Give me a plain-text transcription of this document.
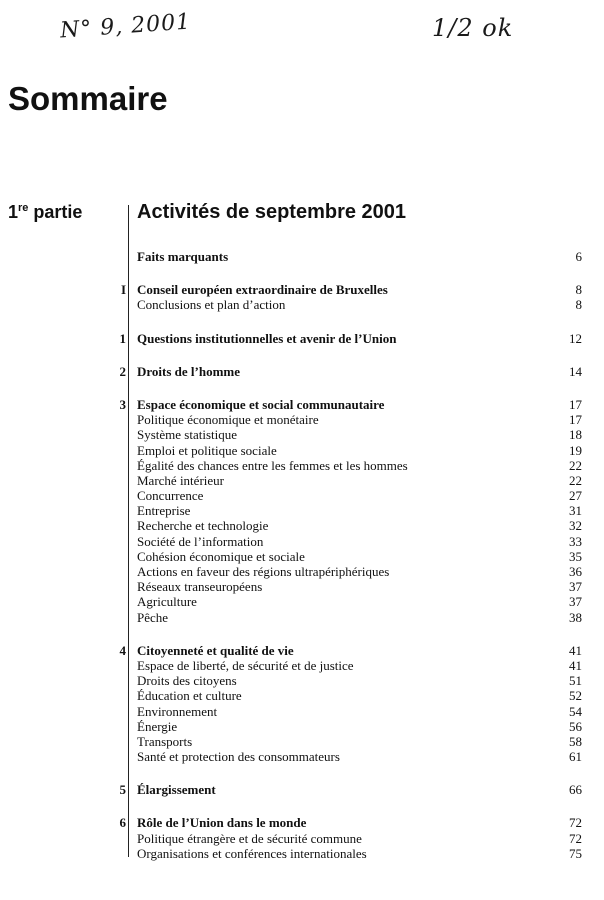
N° 9, 2001	1/2 ok
Sommaire
1re partie	Activités de septembre 2001
Faits marquants	6
I Conseil européen extraordinaire de Bruxelles	8
Conclusions et plan d’action	8
1 Questions institutionnelles et avenir de l’Union	12
2 Droits de l’homme	14
3 Espace économique et social communautaire	17
Politique économique et monétaire	17
Système statistique	18
Emploi et politique sociale	19
Égalité des chances entre les femmes et les hommes	22
Marché intérieur	22
Concurrence	27
Entreprise	31
Recherche et technologie	32
Société de l’information	33
Cohésion économique et sociale	35
Actions en faveur des régions ultrapériphériques	36
Réseaux transeuropéens	37
Agriculture	37
Pêche	38
4 Citoyenneté et qualité de vie	41
Espace de liberté, de sécurité et de justice	41
Droits des citoyens	51
Éducation et culture	52
Environnement	54
Énergie	56
Transports	58
Santé et protection des consommateurs	61
5 Élargissement	66
6 Rôle de l’Union dans le monde	72
Politique étrangère et de sécurité commune	72
Organisations et conférences internationales	75
